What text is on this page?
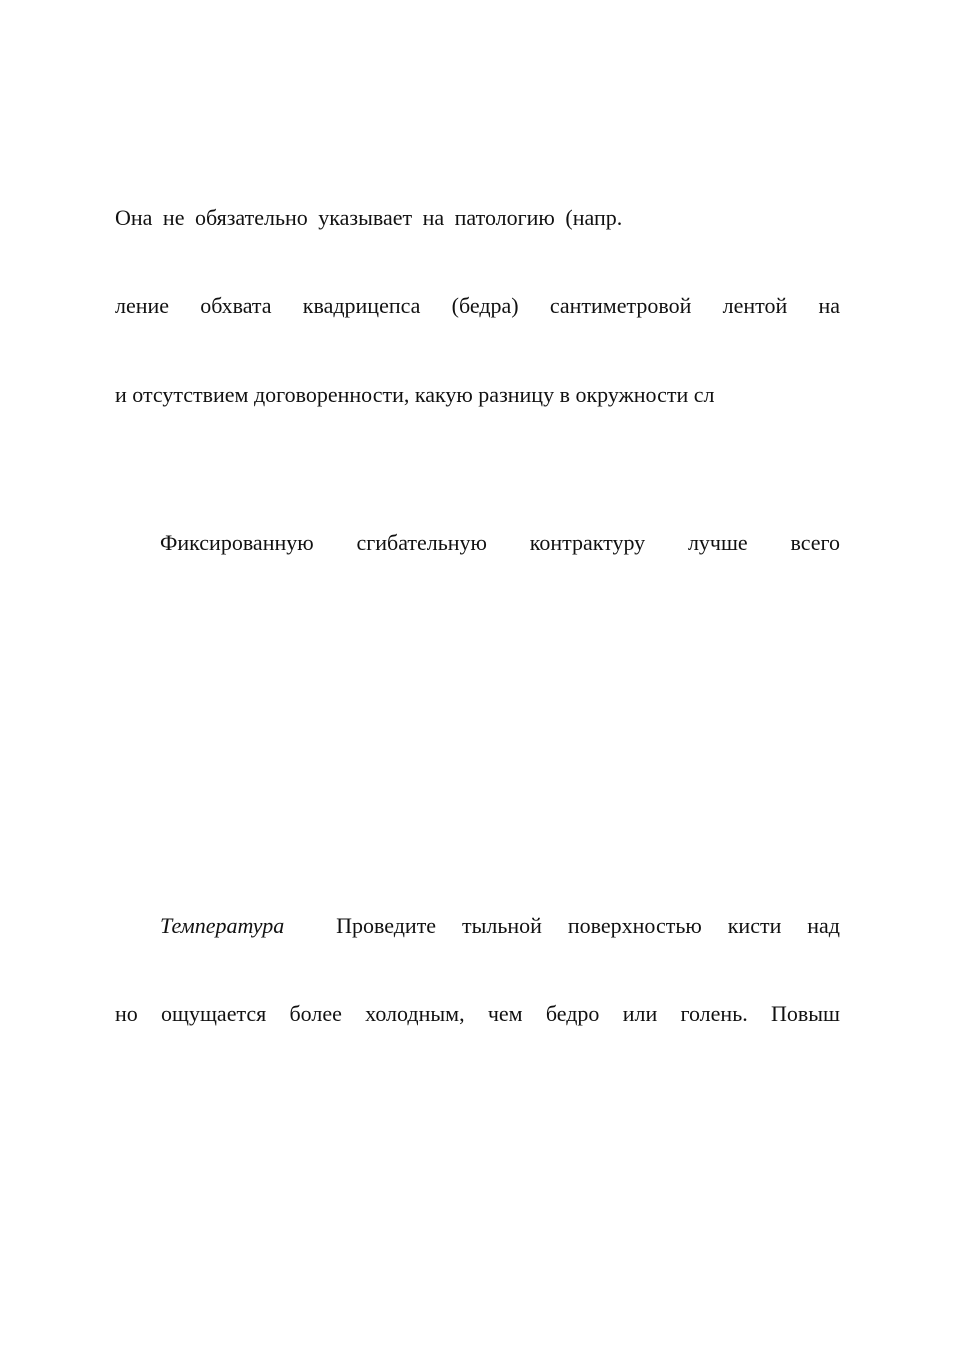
Она не обязательно указывает на патологию (напр.
ление обхвата квадрицепса (бедра) сантиметровой лентой на
и отсутствием договоренности, какую разницу в окружности сл
Фиксированную сгибательную контрактуру лучше всего
Температура Проведите тыльной поверхностью кисти над
но ощущается более холодным, чем бедро или голень. Повыш
